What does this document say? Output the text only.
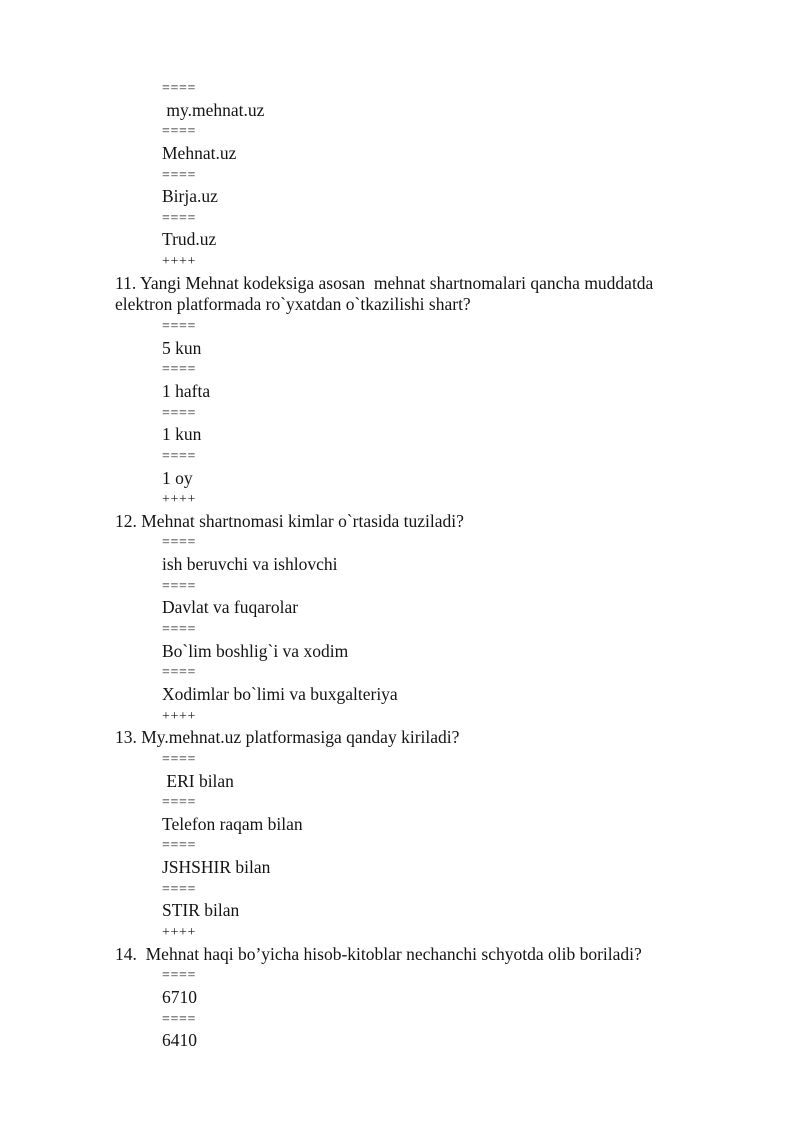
====
my.mehnat.uz
====
Mehnat.uz
====
Birja.uz
====
Trud.uz
++++
11. Yangi Mehnat kodeksiga asosan  mehnat shartnomalari qancha muddatda
elektron platformada ro`yxatdan o`tkazilishi shart?
====
5 kun
====
1 hafta
====
1 kun
====
1 oy
++++
12. Mehnat shartnomasi kimlar o`rtasida tuziladi?
====
ish beruvchi va ishlovchi
====
Davlat va fuqarolar
====
Bo`lim boshlig`i va xodim
====
Xodimlar bo`limi va buxgalteriya
++++
13. My.mehnat.uz platformasiga qanday kiriladi?
====
ERI bilan
====
Telefon raqam bilan
====
JSHSHIR bilan
====
STIR bilan
++++
14.  Mehnat haqi bo’yicha hisob-kitoblar nechanchi schyotda olib boriladi?
====
6710
====
6410
